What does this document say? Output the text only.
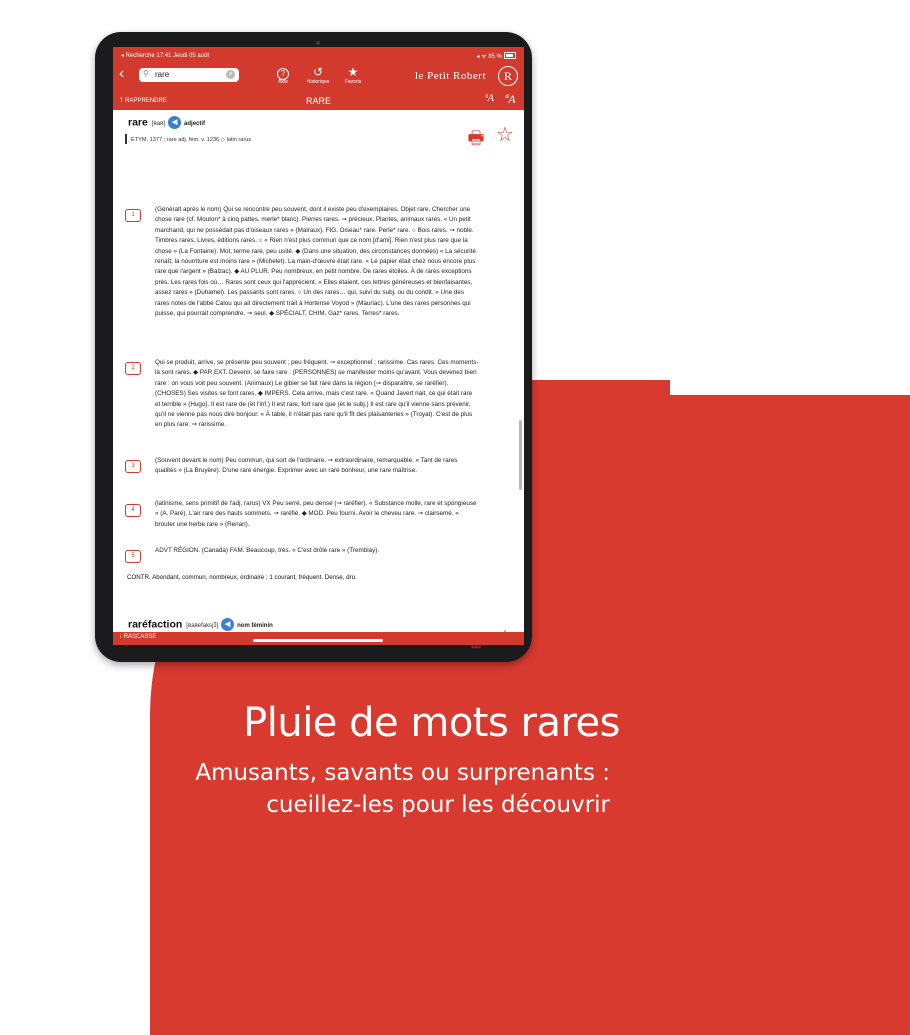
◂ Recherche 17:41 Jeudi 05 août	◂ ᯤ 85 %
‹	⚲ rare	×	?
Aide
↺
Historique
★
Favoris	le Petit Robert	R
↑ RAPPRENDRE	RARE	ªA ªA
rare [ʀaʀ] ◀ adjectif
🖶 ☆
ÉTYM. 1377 ; rare adj. fém. v. 1236 ◇ latin rarus
1
(Généralt après le nom) Qui se rencontre peu souvent, dont il existe peu d'exemplaires. Objet rare. Chercher une chose rare (cf. Mouton* à cinq pattes, merle* blanc). Pierres rares. ➙ précieux. Plantes, animaux rares. « Un petit marchand, qui ne possédait pas d'oiseaux rares » (Malraux). FIG. Oiseau* rare. Perle* rare. ○ Bois rares. ➙ noble. Timbres rares. Livres, éditions rares. ○ « Rien n'est plus commun que ce nom [d'ami]. Rien n'est plus rare que la chose » (La Fontaine). Mot, terme rare, peu usité. ◆ (Dans une situation, des circonstances données) « La sécurité renaît, la nourriture est moins rare » (Michelet). La main-d'œuvre était rare. « Le papier était chez nous encore plus rare que l'argent » (Balzac). ◆ AU PLUR. Peu nombreux, en petit nombre. De rares étoiles. À de rares exceptions près. Les rares fois où… Rares sont ceux qui l'apprécient. « Elles étaient, ces lettres généreuses et bienfaisantes, assez rares » (Duhamel). Les passants sont rares. ○ Un des rares… qui, suivi du subj. ou du condit. « Une des rares notes de l'abbé Calou qui ait directement trait à Hortense Voyod » (Mauriac). L'une des rares personnes qui puisse, qui pourrait comprendre. ➙ seul. ◆ SPÉCIALT, CHIM. Gaz* rares. Terres* rares.
2
Qui se produit, arrive, se présente peu souvent ; peu fréquent. ➙ exceptionnel ; rarissime. Cas rares. Ces moments-là sont rares. ◆ PAR EXT. Devenir, se faire rare : (PERSONNES) se manifester moins qu'avant. Vous devenez bien rare : on vous voit peu souvent. (Animaux) Le gibier se fait rare dans la région (➙ disparaître, se raréfier). (CHOSES) Ses visites se font rares. ◆ IMPERS. Cela arrive, mais c'est rare. « Quand Javert riait, ce qui était rare et terrible » (Hugo). Il est rare de (et l'inf.) Il est rare, fort rare que (et le subj.) Il est rare qu'il vienne sans prévenir, qu'il ne vienne pas nous dire bonjour. « À table, il n'était pas rare qu'il fît des plaisanteries » (Troyat). C'est de plus en plus rare. ➙ rarissime.
3
(Souvent devant le nom) Peu commun, qui sort de l'ordinaire. ➙ extraordinaire, remarquable. « Tant de rares qualités » (La Bruyère). D'une rare énergie. Exprimer avec un rare bonheur, une rare maîtrise.
4
(latinisme, sens primitif de l'adj. rarus) VX Peu serré, peu dense (➙ raréfier). « Substance molle, rare et spongieuse » (A. Paré). L'air rare des hauts sommets. ➙ raréfié. ◆ MOD. Peu fourni. Avoir le cheveu rare. ➙ clairsemé. « brouter une herbe rare » (Renan).
5
ADVT RÉGION. (Canada) FAM. Beaucoup, très. « C'est drôle rare » (Tremblay).
CONTR. Abondant, commun, nombreux, ordinaire ; 1 courant, fréquent. Dense, dru.
raréfaction [ʀaʀefaksjɔ̃] ◀ nom féminin
↓ RASCASSE
Pluie de mots rares
Amusants, savants ou surprenants :
cueillez-les pour les découvrir
